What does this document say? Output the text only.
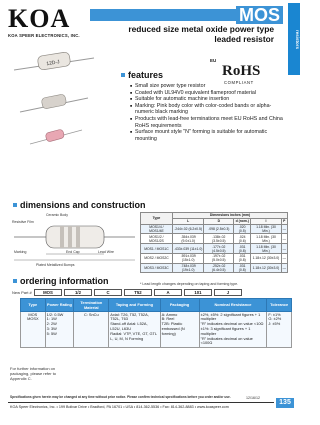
KOA
KOA SPEER ELECTRONICS, INC.
MOS
reduced size metal oxide power type
leaded resistor	resistors
12D-J	EU
RoHS
COMPLIANT
features
■ Small size power type resistor
■ Coated with UL94V0 equivalent flameproof material
■ Suitable for automatic machine insertion
■ Marking: Pink body color with color-coded bands or alpha-numeric black marking
■ Products with lead-free terminations meet EU RoHS and China RoHS requirements
■ Surface mount style "N" forming is suitable for automatic mounting
dimensions and construction
Ceramic Body
Resistive Film
Marking	End Cap	Lead Wire
Plated Metallized Bumps
Type	Dimensions inches (mm)				
	L	D	d (nom.)	l	P
MOS1/4 / MOS1/4E	.244±.02 (6.2±0.5)	.098 (2.5±0.3)	.020 (0.5)	1.18 Min. (30 Min.)	—
MOS1/2 / MOS1/2S	.354±.039 (9.0±1.0)	.138±.02 (3.5±0.5)	.024 (0.6)	1.18 Min. (30 Min.)	—
MOS1 / MOS1C	.433±.039 (11±1.0)	.177±.02 (4.5±0.5)	.031 (0.8)	1.18 Min. (30 Min.)	—
MOS2 / MOS2C	.591±.039 (15±1.0)	.197±.02 (5.0±0.5)	.031 (0.8)	1.18±.12 (30±3.0)	—
MOS3 / MOS3C	.748±.039 (19±1.0)	.252±.02 (6.4±0.5)	.031 (0.8)	1.18±.12 (30±3.0)	—
* Lead length changes depending on taping and forming type.
ordering information
New Part #	MOS	1/2	C	T52	A	101	J
Type	Power Rating	Termination Material	Taping and Forming	Packaging	Nominal Resistance	Tolerance
MOS
MOSX	1/2: 0.5W
1: 1W
2: 2W
3: 3W
5: 5W	C: SnCu	Axial: T26, T52, T52A, T52L, T63
Stand-off Axial: L52A, L52U, L63U
Radial: VTP, VTE, GT, GTL
L, U, M, N Forming	A: Ammo
B: Reel
T2B: Plastic embossed (N forming)	±2%, ±5%: 2 significant figures + 1 multiplier
"R" indicates decimal on value <10Ω
±1%: 3 significant figures + 1 multiplier
"R" indicates decimal on value <100Ω	F: ±1%
G: ±2%
J: ±5%
For further information on packaging, please refer to Appendix C.
Specifications given herein may be changed at any time without prior notice. Please confirm technical specifications before you order and/or use.	12/16/12
KOA Speer Electronics, Inc. • 199 Bolivar Drive • Bradford, PA 16701 • USA • 814-362-5536 • Fax: 814-362-8883 • www.koaspeer.com
135
